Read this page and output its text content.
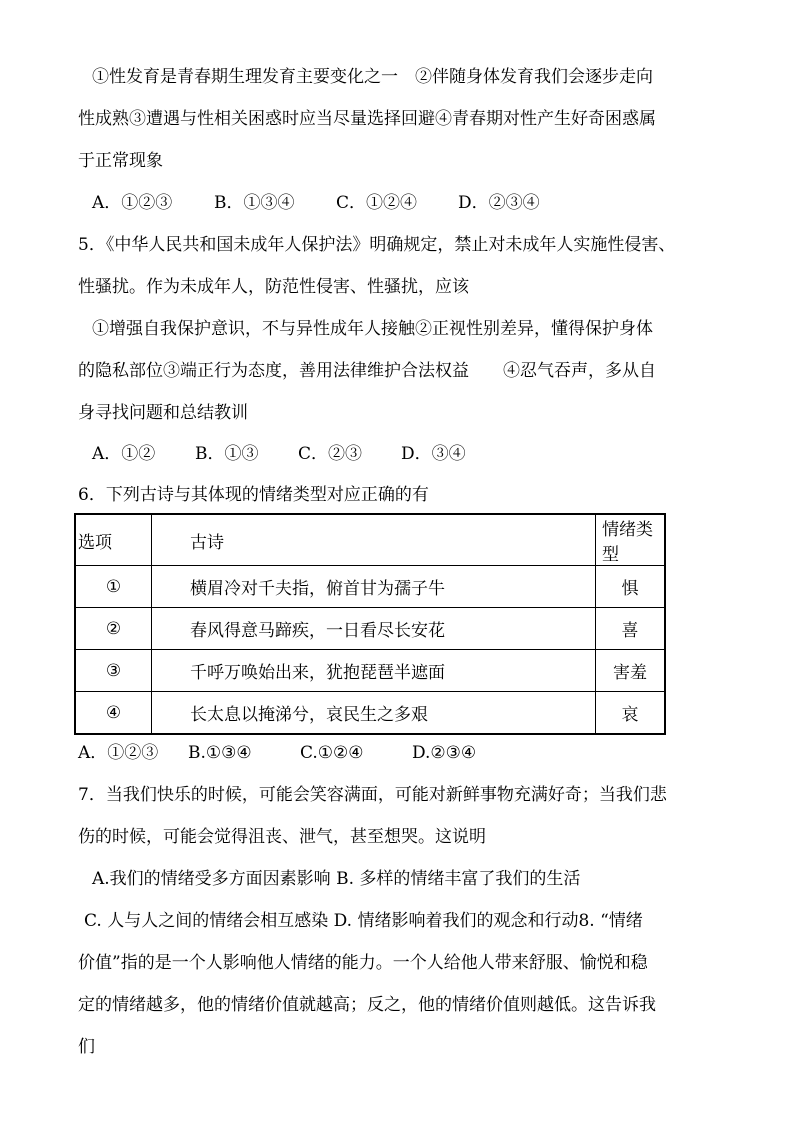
①性发育是青春期生理发育主要变化之一　②伴随身体发育我们会逐步走向
性成熟③遭遇与性相关困惑时应当尽量选择回避④青春期对性产生好奇困惑属
于正常现象
A．①②③ B．①③④ C．①②④ D．②③④
5．《中华人民共和国未成年人保护法》明确规定，禁止对未成年人实施性侵害、
性骚扰。作为未成年人，防范性侵害、性骚扰，应该
①增强自我保护意识，不与异性成年人接触②正视性别差异，懂得保护身体
的隐私部位③端正行为态度，善用法律维护合法权益　　④忍气吞声，多从自
身寻找问题和总结教训
A．①② B．①③ C．②③ D．③④
6．下列古诗与其体现的情绪类型对应正确的有
选项	古诗	情绪类型
①	横眉冷对千夫指，俯首甘为孺子牛	惧
②	春风得意马蹄疾，一日看尽长安花	喜
③	千呼万唤始出来，犹抱琵琶半遮面	害羞
④	长太息以掩涕兮，哀民生之多艰	哀
A．①②③ B.①③④	C.①②④	D.②③④
7．当我们快乐的时候，可能会笑容满面，可能对新鲜事物充满好奇；当我们悲
伤的时候，可能会觉得沮丧、泄气，甚至想哭。这说明
A.我们的情绪受多方面因素影响 B. 多样的情绪丰富了我们的生活
C. 人与人之间的情绪会相互感染 D. 情绪影响着我们的观念和行动8. “情绪
价值”指的是一个人影响他人情绪的能力。一个人给他人带来舒服、愉悦和稳
定的情绪越多，他的情绪价值就越高；反之，他的情绪价值则越低。这告诉我
们
